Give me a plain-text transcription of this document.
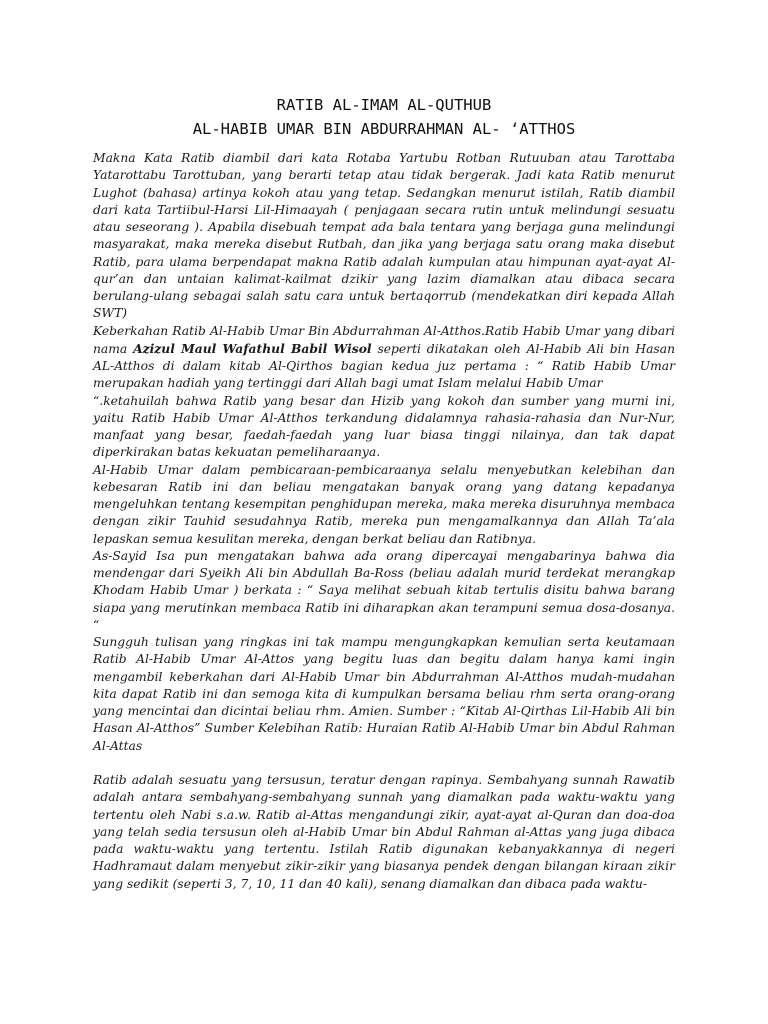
RATIB AL-IMAM AL-QUTHUB
AL-HABIB UMAR BIN ABDURRAHMAN AL- ‘ATTHOS

Makna Kata Ratib diambil dari kata Rotaba Yartubu Rotban Rutuuban atau Tarottaba Yatarottabu Tarottuban, yang berarti tetap atau tidak bergerak. Jadi kata Ratib menurut Lughot (bahasa) artinya kokoh atau yang tetap. Sedangkan menurut istilah, Ratib diambil dari kata Tartiibul-Harsi Lil-Himaayah ( penjagaan secara rutin untuk melindungi sesuatu atau seseorang ). Apabila disebuah tempat ada bala tentara yang berjaga guna melindungi masyarakat, maka mereka disebut Rutbah, dan jika yang berjaga satu orang maka disebut Ratib, para ulama berpendapat makna Ratib adalah kumpulan atau himpunan ayat-ayat Al-qur’an dan untaian kalimat-kailmat dzikir yang lazim diamalkan atau dibaca secara berulang-ulang sebagai salah satu cara untuk bertaqorrub (mendekatkan diri kepada Allah SWT)

Keberkahan Ratib Al-Habib Umar Bin Abdurrahman Al-Atthos.Ratib Habib Umar yang dibari nama Azizul Maul Wafathul Babil Wisol seperti dikatakan oleh Al-Habib Ali bin Hasan AL-Atthos di dalam kitab Al-Qirthos bagian kedua juz pertama : “ Ratib Habib Umar merupakan hadiah yang tertinggi dari Allah bagi umat Islam melalui Habib Umar

“.ketahuilah bahwa Ratib yang besar dan Hizib yang kokoh dan sumber yang murni ini, yaitu Ratib Habib Umar Al-Atthos terkandung didalamnya rahasia-rahasia dan Nur-Nur, manfaat yang besar, faedah-faedah yang luar biasa tinggi nilainya, dan tak dapat diperkirakan batas kekuatan pemeliharaanya.

Al-Habib Umar dalam pembicaraan-pembicaraanya selalu menyebutkan kelebihan dan kebesaran Ratib ini dan beliau mengatakan banyak orang yang datang kepadanya mengeluhkan tentang kesempitan penghidupan mereka, maka mereka disuruhnya membaca dengan zikir Tauhid sesudahnya Ratib, mereka pun mengamalkannya dan Allah Ta’ala lepaskan semua kesulitan mereka, dengan berkat beliau dan Ratibnya.

As-Sayid Isa pun mengatakan bahwa ada orang dipercayai mengabarinya bahwa dia mendengar dari Syeikh Ali bin Abdullah Ba-Ross (beliau adalah murid terdekat merangkap Khodam Habib Umar ) berkata : “ Saya melihat sebuah kitab tertulis disitu bahwa barang siapa yang merutinkan membaca Ratib ini diharapkan akan terampuni semua dosa-dosanya. “

Sungguh tulisan yang ringkas ini tak mampu mengungkapkan kemulian serta keutamaan Ratib Al-Habib Umar Al-Attos yang begitu luas dan begitu dalam hanya kami ingin mengambil keberkahan dari Al-Habib Umar bin Abdurrahman Al-Atthos mudah-mudahan kita dapat Ratib ini dan semoga kita di kumpulkan bersama beliau rhm serta orang-orang yang mencintai dan dicintai beliau rhm. Amien. Sumber : “Kitab Al-Qirthas Lil-Habib Ali bin Hasan Al-Atthos” Sumber Kelebihan Ratib: Huraian Ratib Al-Habib Umar bin Abdul Rahman Al-Attas

Ratib adalah sesuatu yang tersusun, teratur dengan rapinya. Sembahyang sunnah Rawatib adalah antara sembahyang-sembahyang sunnah yang diamalkan pada waktu-waktu yang tertentu oleh Nabi s.a.w. Ratib al-Attas mengandungi zikir, ayat-ayat al-Quran dan doa-doa yang telah sedia tersusun oleh al-Habib Umar bin Abdul Rahman al-Attas yang juga dibaca pada waktu-waktu yang tertentu. Istilah Ratib digunakan kebanyakkannya di negeri Hadhramaut dalam menyebut zikir-zikir yang biasanya pendek dengan bilangan kiraan zikir yang sedikit (seperti 3, 7, 10, 11 dan 40 kali), senang diamalkan dan dibaca pada waktu-
